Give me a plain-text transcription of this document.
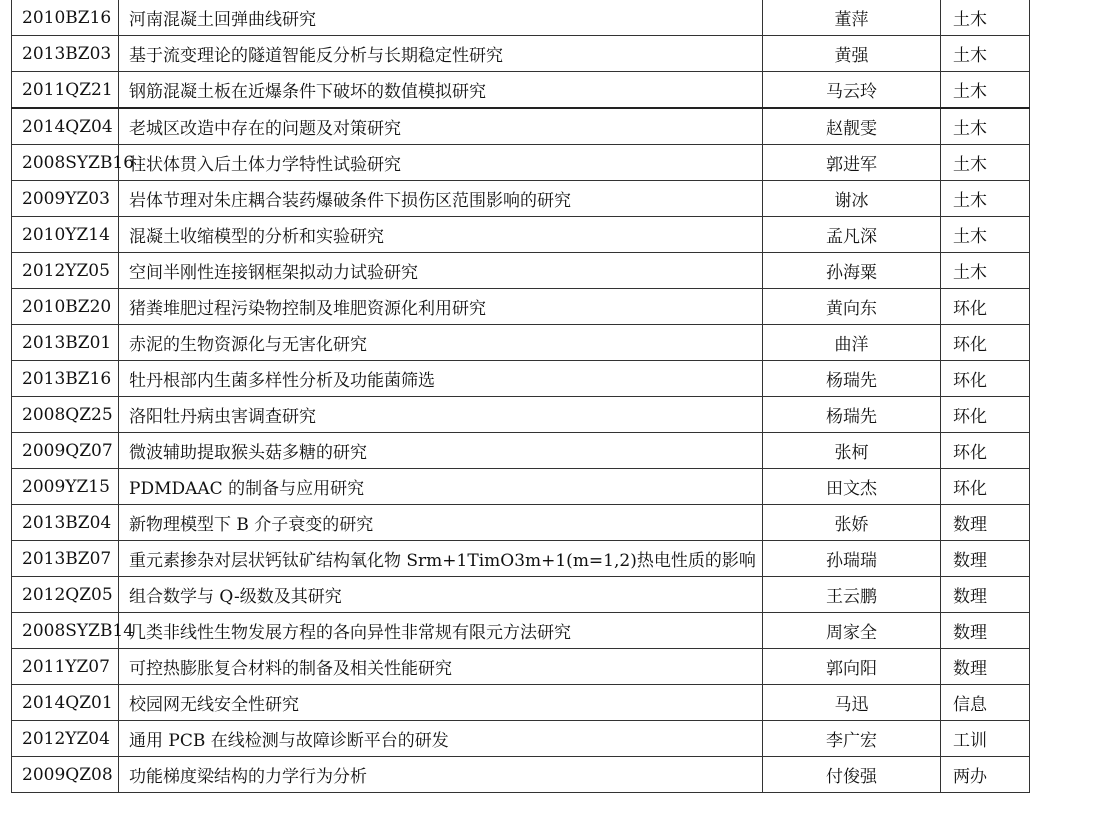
2010BZ16	河南混凝土回弹曲线研究	董萍	土木
2013BZ03	基于流变理论的隧道智能反分析与长期稳定性研究	黄强	土木
2011QZ21	钢筋混凝土板在近爆条件下破坏的数值模拟研究	马云玲	土木
2014QZ04	老城区改造中存在的问题及对策研究	赵靓雯	土木
2008SYZB16	柱状体贯入后土体力学特性试验研究	郭进军	土木
2009YZ03	岩体节理对朱庄耦合装药爆破条件下损伤区范围影响的研究	谢冰	土木
2010YZ14	混凝土收缩模型的分析和实验研究	孟凡深	土木
2012YZ05	空间半刚性连接钢框架拟动力试验研究	孙海粟	土木
2010BZ20	猪粪堆肥过程污染物控制及堆肥资源化利用研究	黄向东	环化
2013BZ01	赤泥的生物资源化与无害化研究	曲洋	环化
2013BZ16	牡丹根部内生菌多样性分析及功能菌筛选	杨瑞先	环化
2008QZ25	洛阳牡丹病虫害调查研究	杨瑞先	环化
2009QZ07	微波辅助提取猴头菇多糖的研究	张柯	环化
2009YZ15	PDMDAAC 的制备与应用研究	田文杰	环化
2013BZ04	新物理模型下 B 介子衰变的研究	张娇	数理
2013BZ07	重元素掺杂对层状钙钛矿结构氧化物 Srm+1TimO3m+1(m=1,2)热电性质的影响	孙瑞瑞	数理
2012QZ05	组合数学与 Q-级数及其研究	王云鹏	数理
2008SYZB14	几类非线性生物发展方程的各向异性非常规有限元方法研究	周家全	数理
2011YZ07	可控热膨胀复合材料的制备及相关性能研究	郭向阳	数理
2014QZ01	校园网无线安全性研究	马迅	信息
2012YZ04	通用 PCB 在线检测与故障诊断平台的研发	李广宏	工训
2009QZ08	功能梯度梁结构的力学行为分析	付俊强	两办
